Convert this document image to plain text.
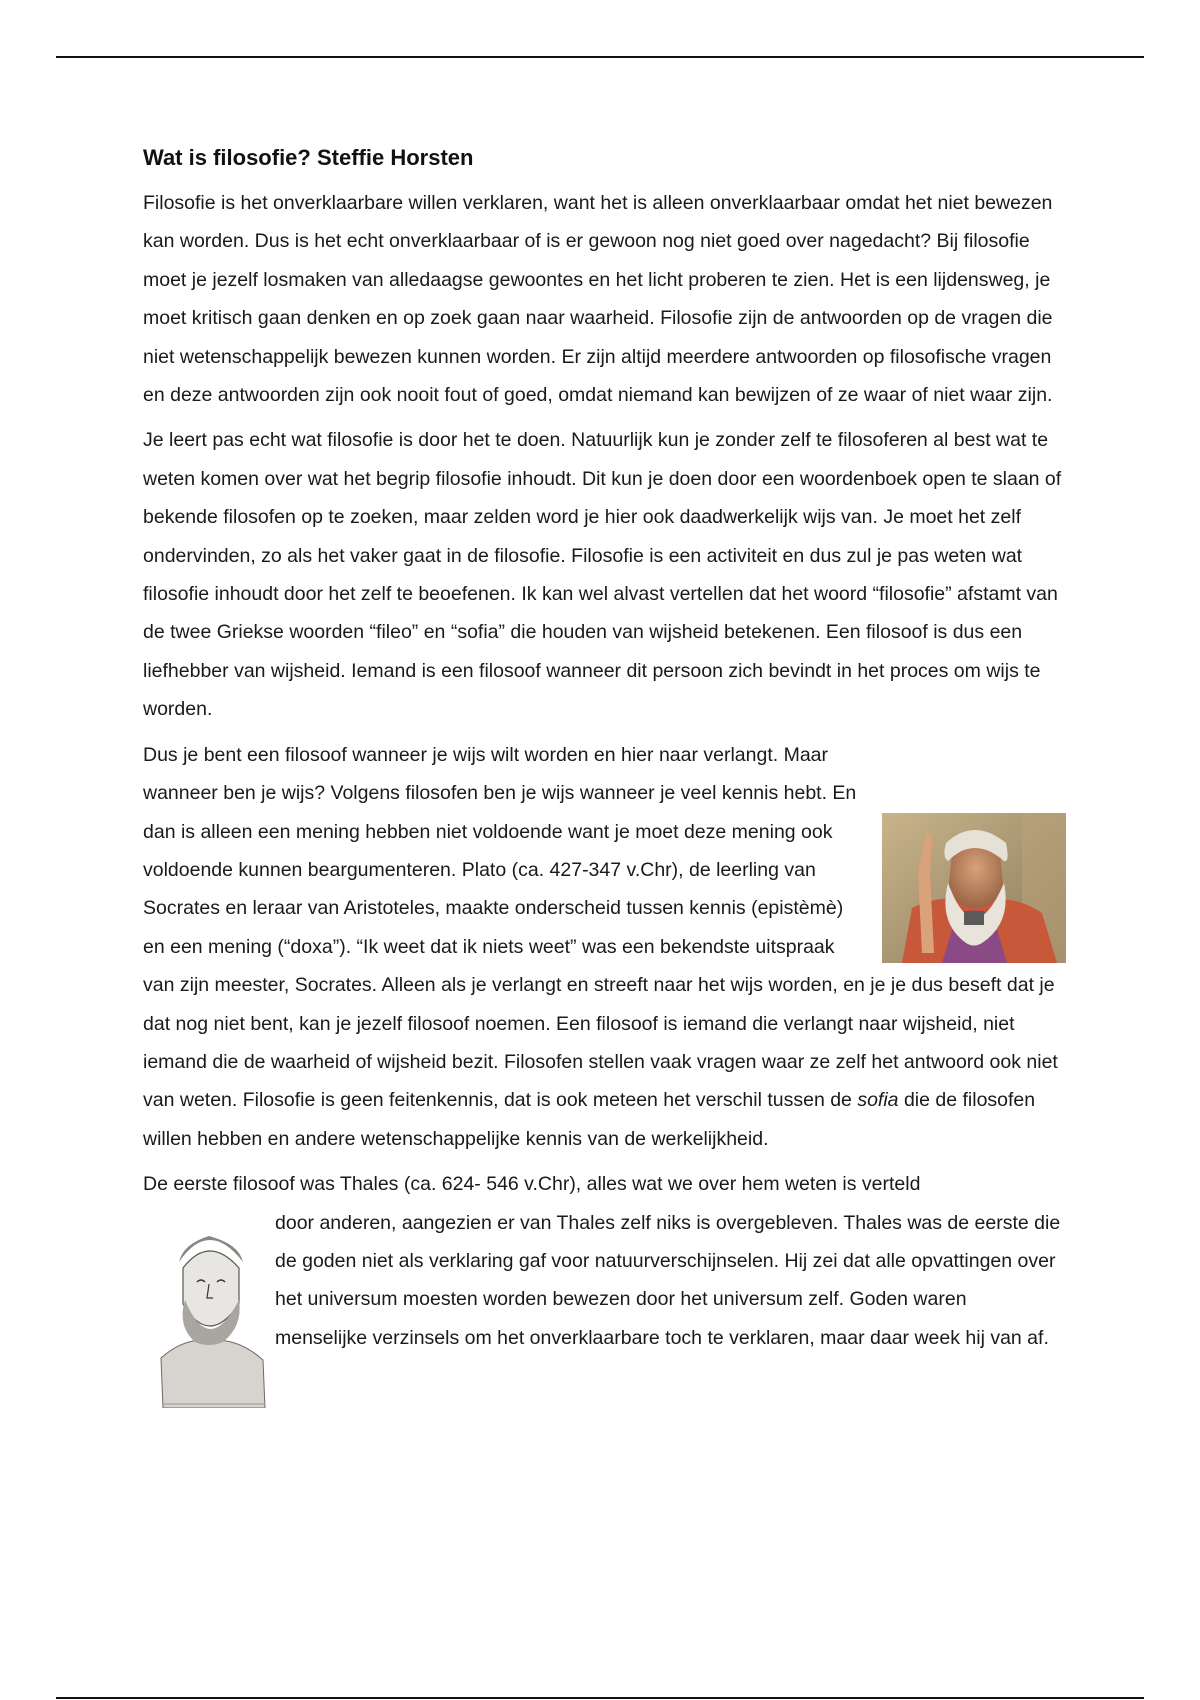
Wat is filosofie? Steffie Horsten

Filosofie is het onverklaarbare willen verklaren, want het is alleen onverklaarbaar omdat het niet bewezen kan worden. Dus is het echt onverklaarbaar of is er gewoon nog niet goed over nagedacht? Bij filosofie moet je jezelf losmaken van alledaagse gewoontes en het licht proberen te zien. Het is een lijdensweg, je moet kritisch gaan denken en op zoek gaan naar waarheid. Filosofie zijn de antwoorden op de vragen die niet wetenschappelijk bewezen kunnen worden. Er zijn altijd meerdere antwoorden op filosofische vragen en deze antwoorden zijn ook nooit fout of goed, omdat niemand kan bewijzen of ze waar of niet waar zijn.

Je leert pas echt wat filosofie is door het te doen. Natuurlijk kun je zonder zelf te filosoferen al best wat te weten komen over wat het begrip filosofie inhoudt. Dit kun je doen door een woordenboek open te slaan of bekende filosofen op te zoeken, maar zelden word je hier ook daadwerkelijk wijs van. Je moet het zelf ondervinden, zo als het vaker gaat in de filosofie. Filosofie is een activiteit en dus zul je pas weten wat filosofie inhoudt door het zelf te beoefenen. Ik kan wel alvast vertellen dat het woord “filosofie” afstamt van de twee Griekse woorden “fileo” en “sofia” die houden van wijsheid betekenen. Een filosoof is dus een liefhebber van wijsheid. Iemand is een filosoof wanneer dit persoon zich bevindt in het proces om wijs te worden.

Dus je bent een filosoof wanneer je wijs wilt worden en hier naar verlangt. Maar wanneer ben je wijs? Volgens filosofen ben je wijs wanneer je veel kennis hebt. En dan is alleen een mening hebben niet voldoende want je moet deze mening ook voldoende kunnen beargumenteren. Plato (ca. 427-347 v.Chr), de leerling van Socrates en leraar van Aristoteles, maakte onderscheid tussen kennis (epistèmè) en een mening (“doxa”). “Ik weet dat ik niets weet” was een bekendste uitspraak van zijn meester, Socrates. Alleen als je verlangt en streeft naar het wijs worden, en je je dus beseft dat je dat nog niet bent, kan je jezelf filosoof noemen. Een filosoof is iemand die verlangt naar wijsheid, niet iemand die de waarheid of wijsheid bezit. Filosofen stellen vaak vragen waar ze zelf het antwoord ook niet van weten. Filosofie is geen feitenkennis, dat is ook meteen het verschil tussen de sofia die de filosofen willen hebben en andere wetenschappelijke kennis van de werkelijkheid.

De eerste filosoof was Thales (ca. 624- 546 v.Chr), alles wat we over hem weten is verteld

door anderen, aangezien er van Thales zelf niks is overgebleven. Thales was de eerste die de goden niet als verklaring gaf voor natuurverschijnselen. Hij zei dat alle opvattingen over het universum moesten worden bewezen door het universum zelf. Goden waren menselijke verzinsels om het onverklaarbare toch te verklaren, maar daar week hij van af.
